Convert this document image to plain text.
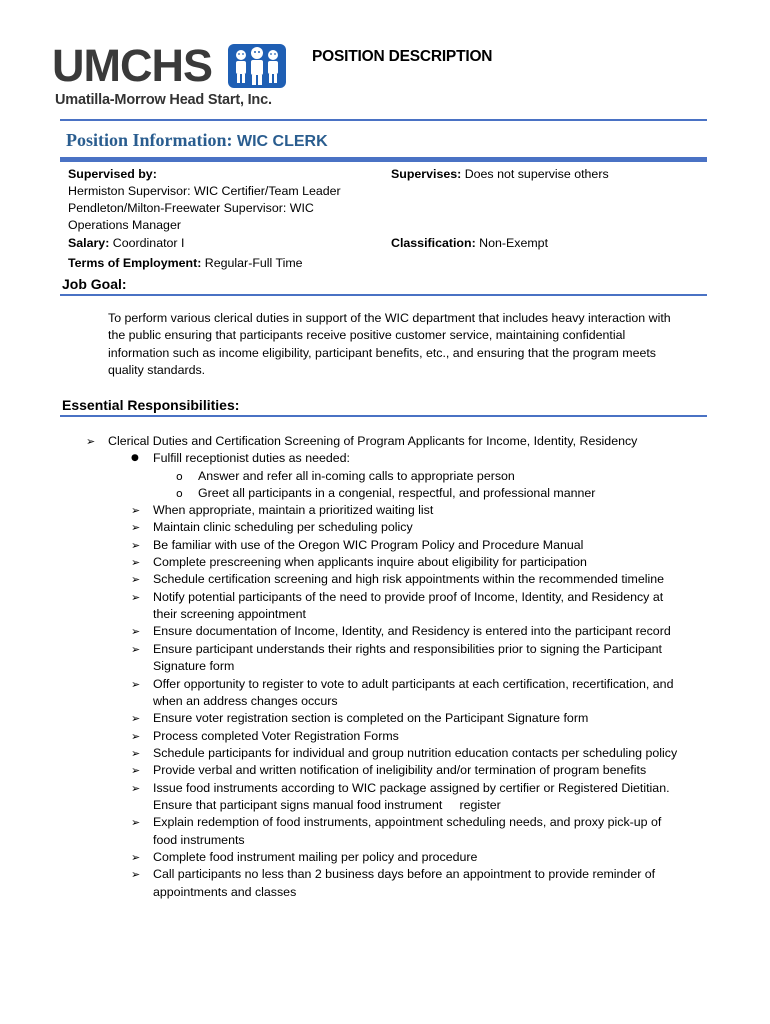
UMCHS
Umatilla-Morrow Head Start, Inc.
POSITION DESCRIPTION
Position Information: WIC CLERK
Supervised by:
Hermiston Supervisor: WIC Certifier/Team Leader
Pendleton/Milton-Freewater Supervisor: WIC
Operations Manager
Salary: Coordinator I
Terms of Employment: Regular-Full Time
Supervises: Does not supervise others
Classification: Non-Exempt
Job Goal:
To perform various clerical duties in support of the WIC department that includes heavy interaction with
the public ensuring that participants receive positive customer service, maintaining confidential
information such as income eligibility, participant benefits, etc., and ensuring that the program meets
quality standards.
Essential Responsibilities:
➢ Clerical Duties and Certification Screening of Program Applicants for Income, Identity, Residency
● Fulfill receptionist duties as needed:
o Answer and refer all in-coming calls to appropriate person
o Greet all participants in a congenial, respectful, and professional manner
➢ When appropriate, maintain a prioritized waiting list
➢ Maintain clinic scheduling per scheduling policy
➢ Be familiar with use of the Oregon WIC Program Policy and Procedure Manual
➢ Complete prescreening when applicants inquire about eligibility for participation
➢ Schedule certification screening and high risk appointments within the recommended timeline
➢ Notify potential participants of the need to provide proof of Income, Identity, and Residency at
their screening appointment
➢ Ensure documentation of Income, Identity, and Residency is entered into the participant record
➢ Ensure participant understands their rights and responsibilities prior to signing the Participant
Signature form
➢ Offer opportunity to register to vote to adult participants at each certification, recertification, and
when an address changes occurs
➢ Ensure voter registration section is completed on the Participant Signature form
➢ Process completed Voter Registration Forms
➢ Schedule participants for individual and group nutrition education contacts per scheduling policy
➢ Provide verbal and written notification of ineligibility and/or termination of program benefits
➢ Issue food instruments according to WIC package assigned by certifier or Registered Dietitian.
Ensure that participant signs manual food instrument     register
➢ Explain redemption of food instruments, appointment scheduling needs, and proxy pick-up of
food instruments
➢ Complete food instrument mailing per policy and procedure
➢ Call participants no less than 2 business days before an appointment to provide reminder of
appointments and classes
